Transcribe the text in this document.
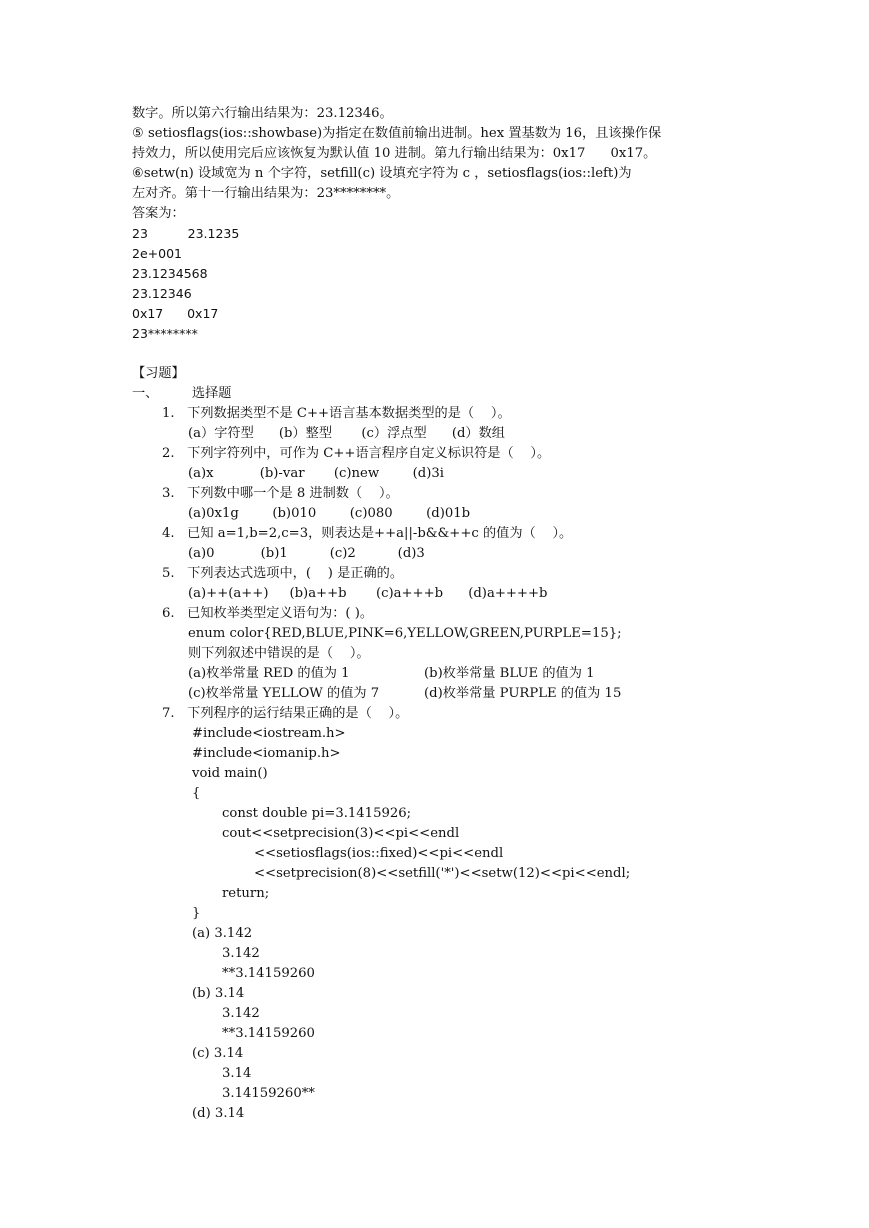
数字。所以第六行输出结果为：23.12346。
⑤ setiosflags(ios::showbase)为指定在数值前输出进制。hex 置基数为 16，且该操作保
持效力，所以使用完后应该恢复为默认值 10 进制。第九行输出结果为：0x17      0x17。
⑥setw(n) 设域宽为 n 个字符，setfill(c) 设填充字符为 c ，setiosflags(ios::left)为
左对齐。第十一行输出结果为：23********。
答案为：
23          23.1235
2e+001
23.1234568
23.12346
0x17      0x17
23********
【习题】
一、        选择题
1.   下列数据类型不是 C++语言基本数据类型的是（    ）。
(a）字符型      (b）整型       (c）浮点型      (d）数组
2.   下列字符列中，可作为 C++语言程序自定义标识符是（    ）。
(a)x           (b)-var       (c)new        (d)3i
3.   下列数中哪一个是 8 进制数（    ）。
(a)0x1g        (b)010        (c)080        (d)01b
4.   已知 a=1,b=2,c=3，则表达是++a||-b&&++c 的值为（    ）。
(a)0           (b)1          (c)2          (d)3
5.   下列表达式选项中，(    ) 是正确的。
(a)++(a++)     (b)a++b       (c)a+++b      (d)a++++b
6.   已知枚举类型定义语句为：( )。
enum color{RED,BLUE,PINK=6,YELLOW,GREEN,PURPLE=15};
则下列叙述中错误的是（    ）。
(a)枚举常量 RED 的值为 1	(b)枚举常量 BLUE 的值为 1
(c)枚举常量 YELLOW 的值为 7	(d)枚举常量 PURPLE 的值为 15
7.   下列程序的运行结果正确的是（    ）。
#include<iostream.h>
#include<iomanip.h>
void main()
{
const double pi=3.1415926;
cout<<setprecision(3)<<pi<<endl
<<setiosflags(ios::fixed)<<pi<<endl
<<setprecision(8)<<setfill('*')<<setw(12)<<pi<<endl;
return;
}
(a) 3.142
3.142
**3.14159260
(b) 3.14
3.142
**3.14159260
(c) 3.14
3.14
3.14159260**
(d) 3.14
